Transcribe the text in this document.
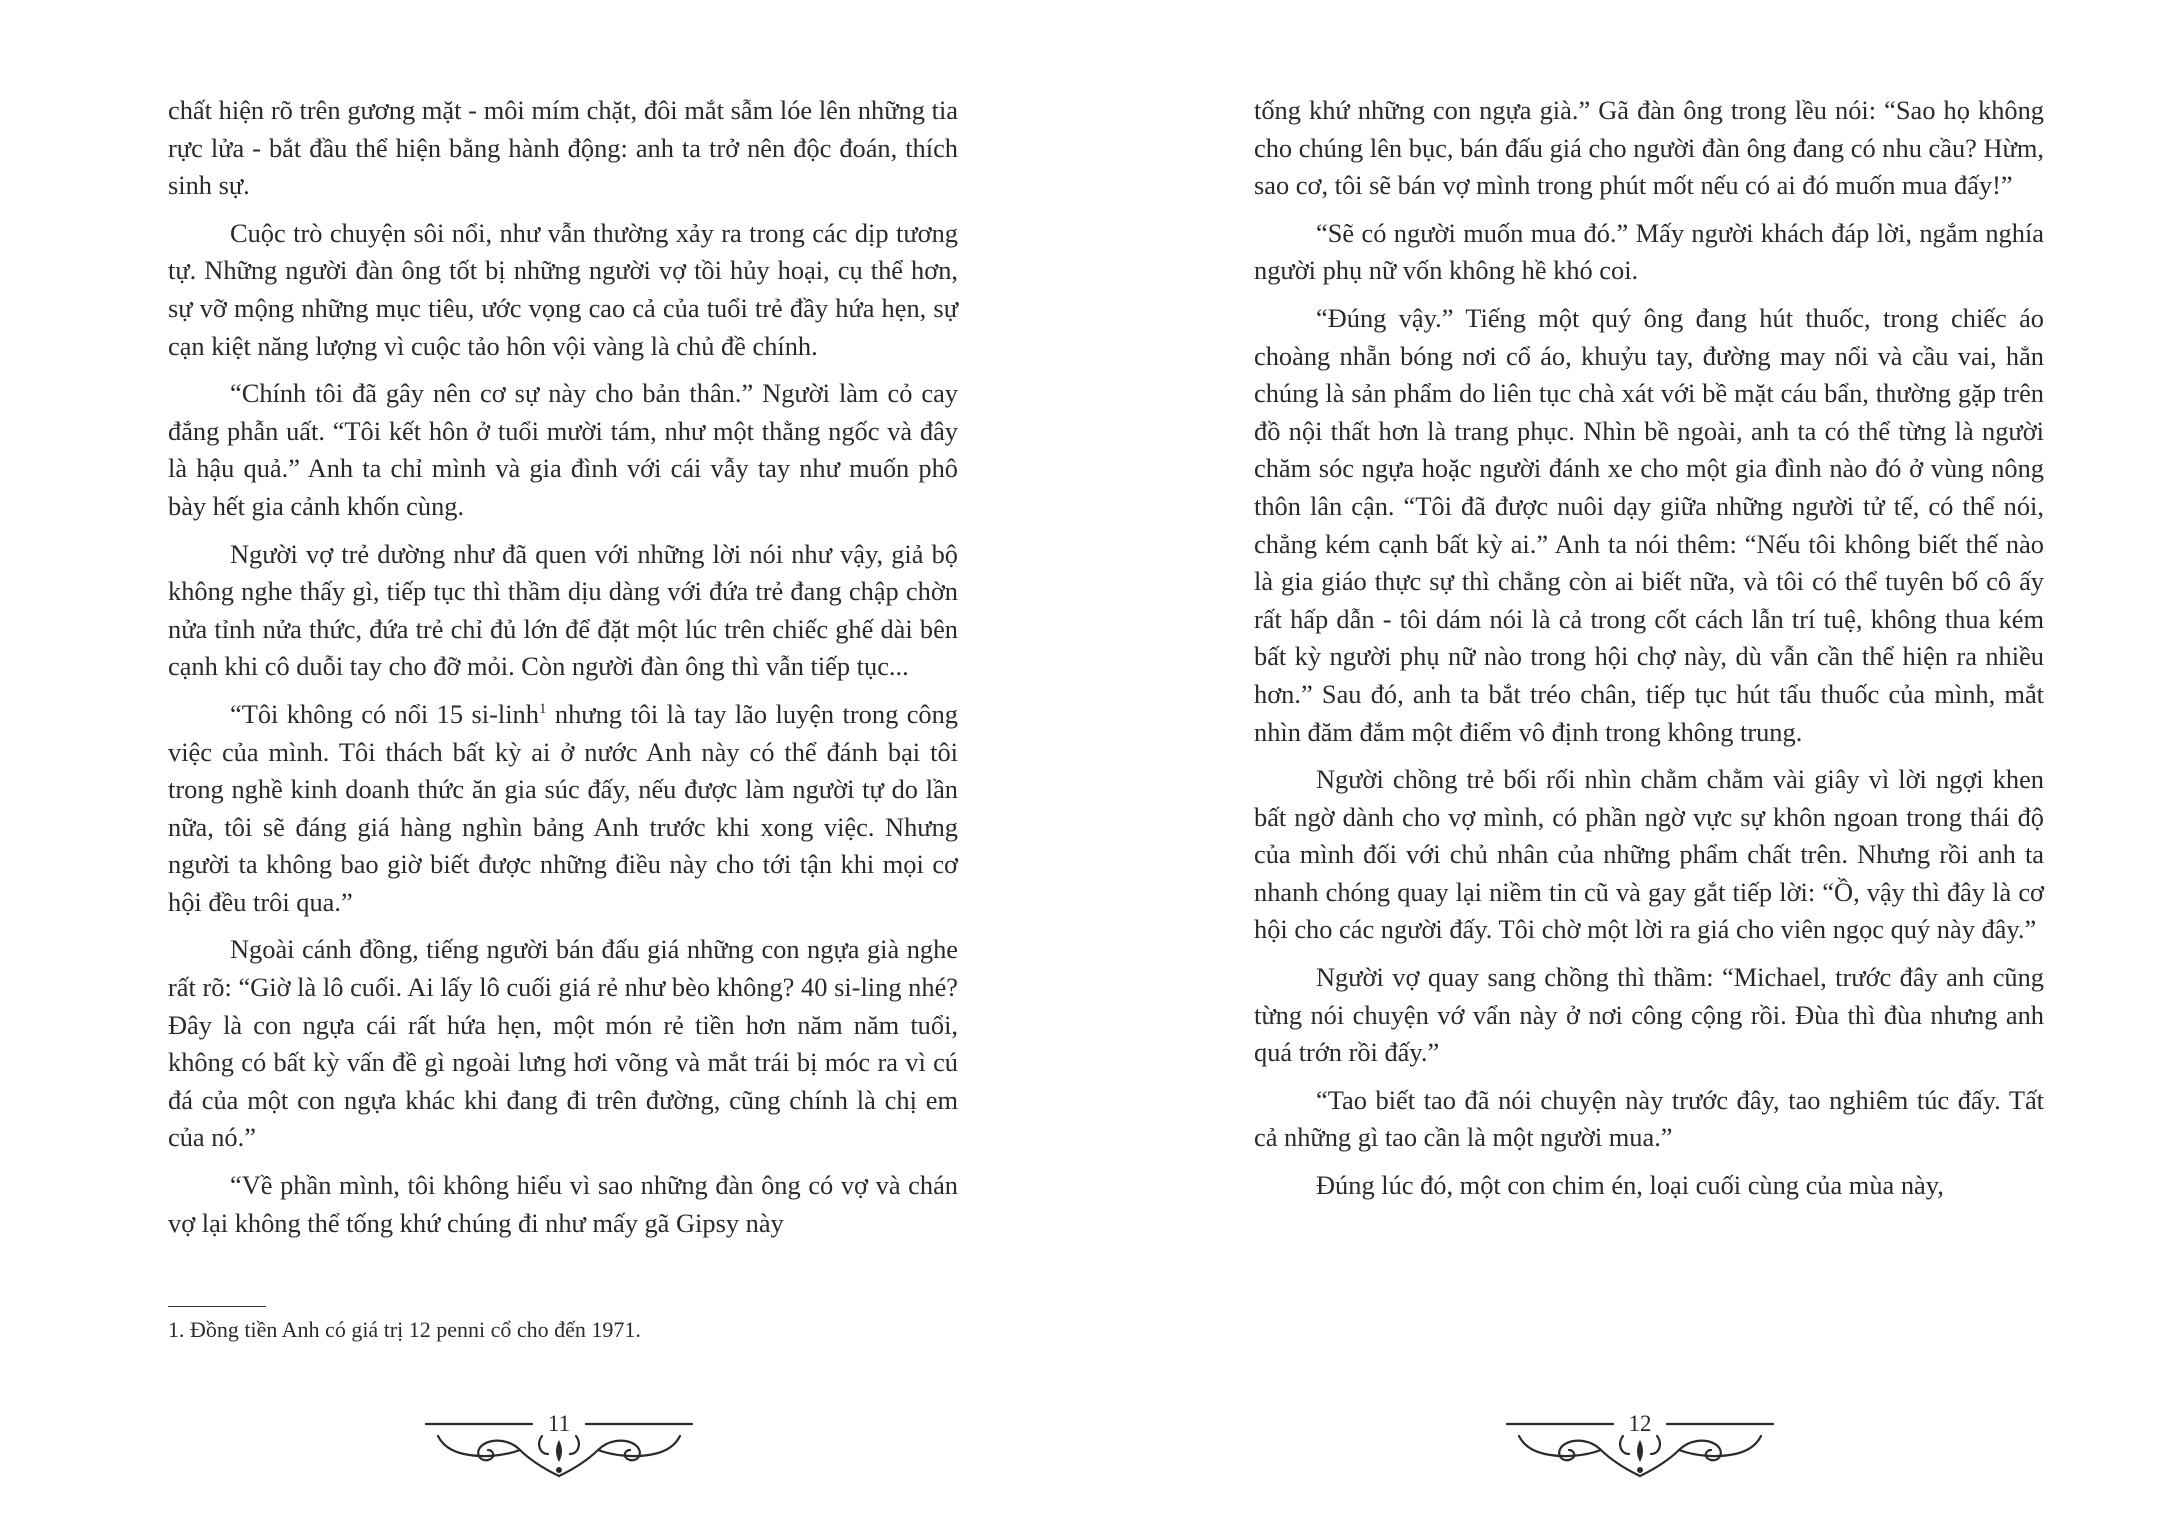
chất hiện rõ trên gương mặt - môi mím chặt, đôi mắt sẫm lóe lên những tia rực lửa - bắt đầu thể hiện bằng hành động: anh ta trở nên độc đoán, thích sinh sự.

Cuộc trò chuyện sôi nổi, như vẫn thường xảy ra trong các dịp tương tự. Những người đàn ông tốt bị những người vợ tồi hủy hoại, cụ thể hơn, sự vỡ mộng những mục tiêu, ước vọng cao cả của tuổi trẻ đầy hứa hẹn, sự cạn kiệt năng lượng vì cuộc tảo hôn vội vàng là chủ đề chính.

“Chính tôi đã gây nên cơ sự này cho bản thân.” Người làm cỏ cay đắng phẫn uất. “Tôi kết hôn ở tuổi mười tám, như một thằng ngốc và đây là hậu quả.” Anh ta chỉ mình và gia đình với cái vẫy tay như muốn phô bày hết gia cảnh khốn cùng.

Người vợ trẻ dường như đã quen với những lời nói như vậy, giả bộ không nghe thấy gì, tiếp tục thì thầm dịu dàng với đứa trẻ đang chập chờn nửa tỉnh nửa thức, đứa trẻ chỉ đủ lớn để đặt một lúc trên chiếc ghế dài bên cạnh khi cô duỗi tay cho đỡ mỏi. Còn người đàn ông thì vẫn tiếp tục...

“Tôi không có nổi 15 si-linh$^1$ nhưng tôi là tay lão luyện trong công việc của mình. Tôi thách bất kỳ ai ở nước Anh này có thể đánh bại tôi trong nghề kinh doanh thức ăn gia súc đấy, nếu được làm người tự do lần nữa, tôi sẽ đáng giá hàng nghìn bảng Anh trước khi xong việc. Nhưng người ta không bao giờ biết được những điều này cho tới tận khi mọi cơ hội đều trôi qua.”

Ngoài cánh đồng, tiếng người bán đấu giá những con ngựa già nghe rất rõ: “Giờ là lô cuối. Ai lấy lô cuối giá rẻ như bèo không? 40 si-ling nhé? Đây là con ngựa cái rất hứa hẹn, một món rẻ tiền hơn năm năm tuổi, không có bất kỳ vấn đề gì ngoài lưng hơi võng và mắt trái bị móc ra vì cú đá của một con ngựa khác khi đang đi trên đường, cũng chính là chị em của nó.”

“Về phần mình, tôi không hiểu vì sao những đàn ông có vợ và chán vợ lại không thể tống khứ chúng đi như mấy gã Gipsy này

1. Đồng tiền Anh có giá trị 12 penni cổ cho đến 1971.

11

tống khứ những con ngựa già.” Gã đàn ông trong lều nói: “Sao họ không cho chúng lên bục, bán đấu giá cho người đàn ông đang có nhu cầu? Hừm, sao cơ, tôi sẽ bán vợ mình trong phút mốt nếu có ai đó muốn mua đấy!”

“Sẽ có người muốn mua đó.” Mấy người khách đáp lời, ngắm nghía người phụ nữ vốn không hề khó coi.

“Đúng vậy.” Tiếng một quý ông đang hút thuốc, trong chiếc áo choàng nhẵn bóng nơi cổ áo, khuỷu tay, đường may nổi và cầu vai, hẳn chúng là sản phẩm do liên tục chà xát với bề mặt cáu bẩn, thường gặp trên đồ nội thất hơn là trang phục. Nhìn bề ngoài, anh ta có thể từng là người chăm sóc ngựa hoặc người đánh xe cho một gia đình nào đó ở vùng nông thôn lân cận. “Tôi đã được nuôi dạy giữa những người tử tế, có thể nói, chẳng kém cạnh bất kỳ ai.” Anh ta nói thêm: “Nếu tôi không biết thế nào là gia giáo thực sự thì chẳng còn ai biết nữa, và tôi có thể tuyên bố cô ấy rất hấp dẫn - tôi dám nói là cả trong cốt cách lẫn trí tuệ, không thua kém bất kỳ người phụ nữ nào trong hội chợ này, dù vẫn cần thể hiện ra nhiều hơn.” Sau đó, anh ta bắt tréo chân, tiếp tục hút tẩu thuốc của mình, mắt nhìn đăm đắm một điểm vô định trong không trung.

Người chồng trẻ bối rối nhìn chằm chằm vài giây vì lời ngợi khen bất ngờ dành cho vợ mình, có phần ngờ vực sự khôn ngoan trong thái độ của mình đối với chủ nhân của những phẩm chất trên. Nhưng rồi anh ta nhanh chóng quay lại niềm tin cũ và gay gắt tiếp lời: “Ồ, vậy thì đây là cơ hội cho các người đấy. Tôi chờ một lời ra giá cho viên ngọc quý này đây.”

Người vợ quay sang chồng thì thầm: “Michael, trước đây anh cũng từng nói chuyện vớ vẩn này ở nơi công cộng rồi. Đùa thì đùa nhưng anh quá trớn rồi đấy.”

“Tao biết tao đã nói chuyện này trước đây, tao nghiêm túc đấy. Tất cả những gì tao cần là một người mua.”

Đúng lúc đó, một con chim én, loại cuối cùng của mùa này,

12
